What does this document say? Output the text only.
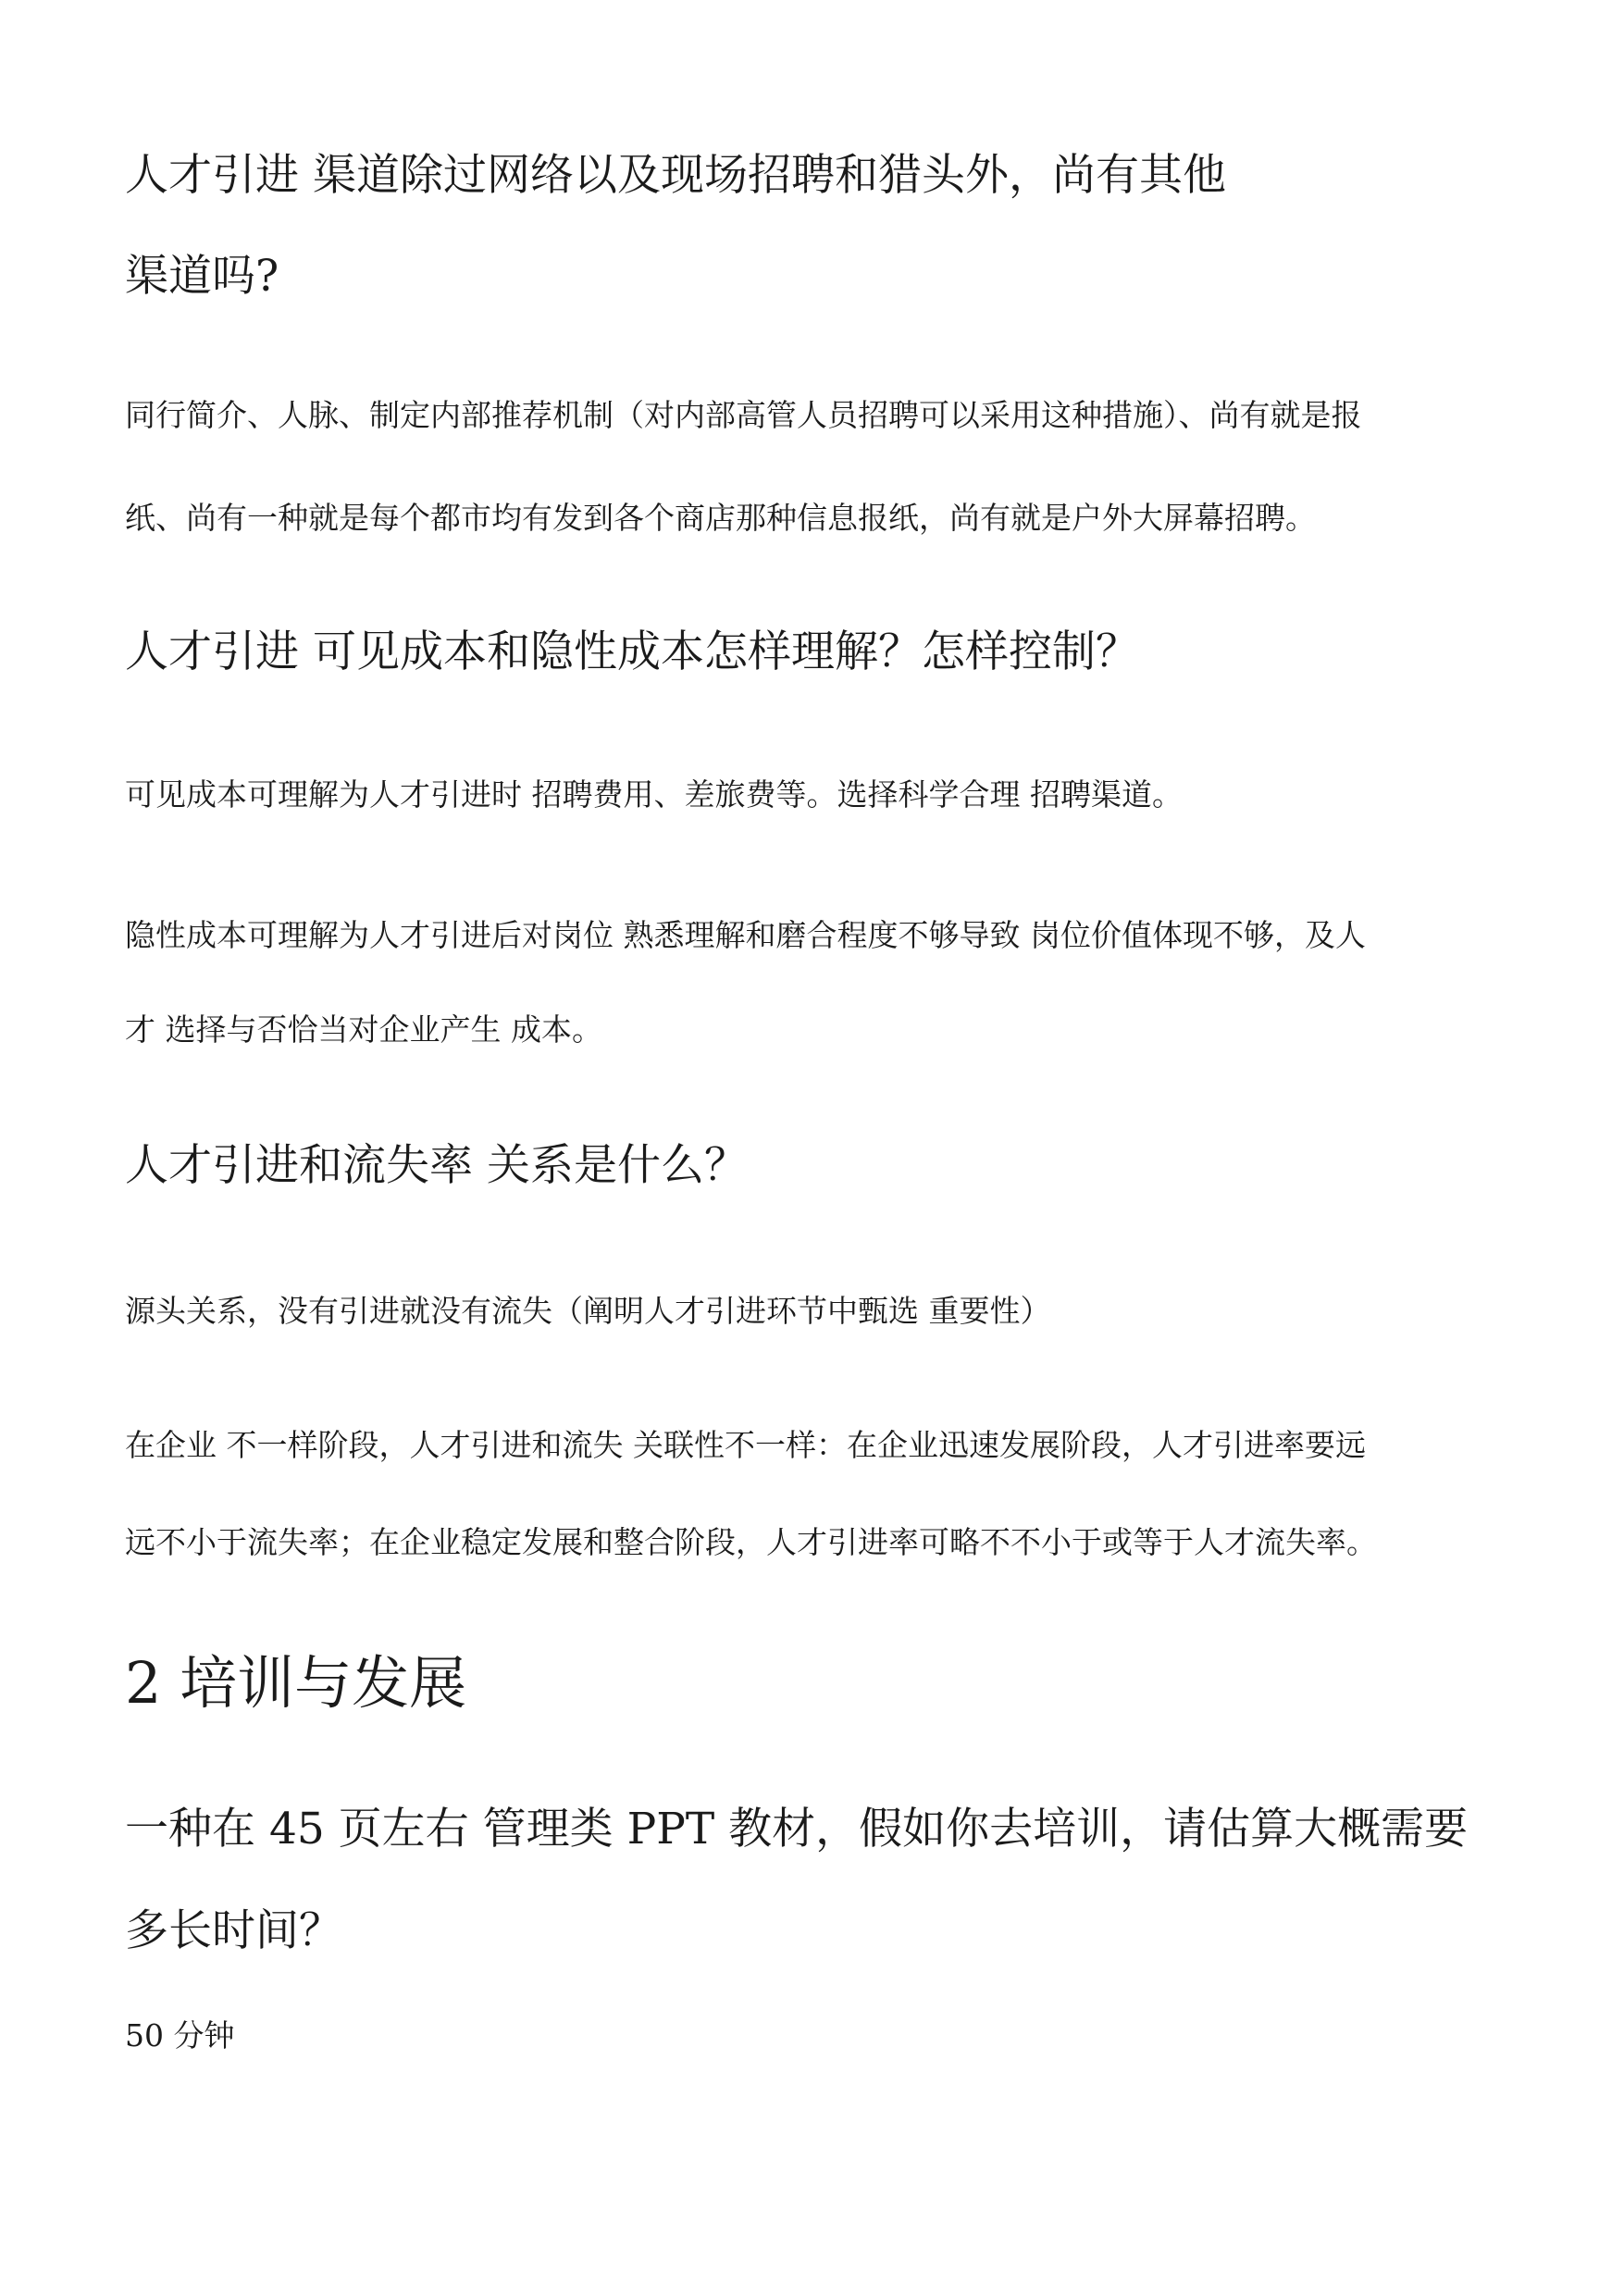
人才引进 渠道除过网络以及现场招聘和猎头外，尚有其他
渠道吗?

同行简介、人脉、制定内部推荐机制（对内部高管人员招聘可以采用这种措施）、尚有就是报

纸、尚有一种就是每个都市均有发到各个商店那种信息报纸，尚有就是户外大屏幕招聘。

人才引进 可见成本和隐性成本怎样理解？怎样控制？

可见成本可理解为人才引进时 招聘费用、差旅费等。选择科学合理 招聘渠道。

隐性成本可理解为人才引进后对岗位 熟悉理解和磨合程度不够导致 岗位价值体现不够，及人

才 选择与否恰当对企业产生 成本。

人才引进和流失率 关系是什么？

源头关系，没有引进就没有流失（阐明人才引进环节中甄选 重要性）

在企业 不一样阶段，人才引进和流失 关联性不一样：在企业迅速发展阶段，人才引进率要远

远不小于流失率；在企业稳定发展和整合阶段，人才引进率可略不不小于或等于人才流失率。

2 培训与发展
一种在 45 页左右 管理类 PPT 教材，假如你去培训，请估算大概需要
多长时间？

50 分钟
